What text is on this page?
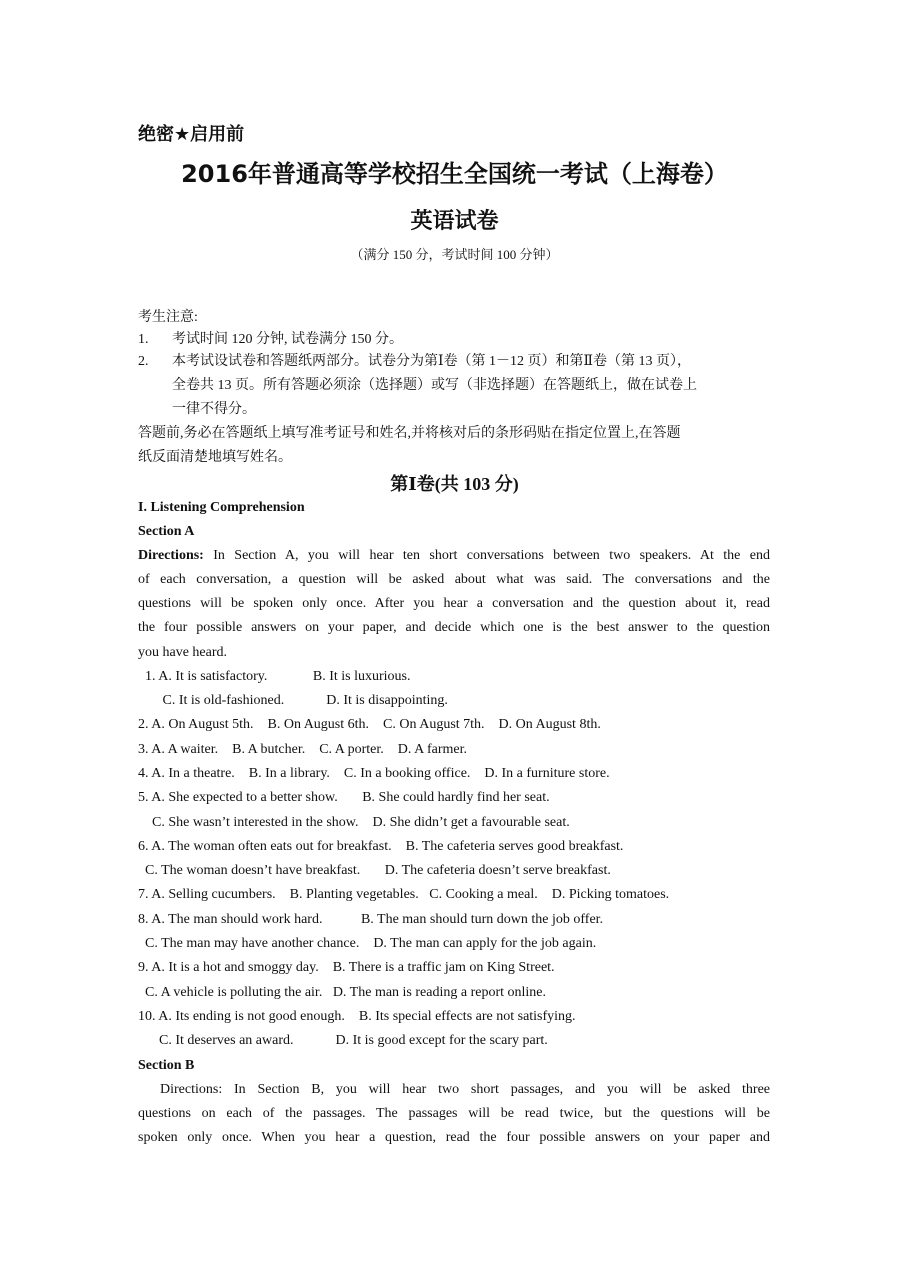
绝密★启用前
2016年普通高等学校招生全国统一考试（上海卷）
英语试卷
（满分 150 分，考试时间 100 分钟）
考生注意:
1. 考试时间 120 分钟, 试卷满分 150 分。
2. 本考试设试卷和答题纸两部分。试卷分为第Ⅰ卷（第 1－12 页）和第Ⅱ卷（第 13 页），
全卷共 13 页。所有答题必须涂（选择题）或写（非选择题）在答题纸上，做在试卷上
一律不得分。
答题前,务必在答题纸上填写准考证号和姓名,并将核对后的条形码贴在指定位置上,在答题
纸反面清楚地填写姓名。
第Ⅰ卷(共 103 分)
I. Listening Comprehension
Section A
Directions: In Section A, you will hear ten short conversations between two speakers. At the end
of each conversation, a question will be asked about what was said. The conversations and the
questions will be spoken only once. After you hear a conversation and the question about it, read
the four possible answers on your paper, and decide which one is the best answer to the question
you have heard.
1. A. It is satisfactory.             B. It is luxurious.
C. It is old-fashioned.            D. It is disappointing.
2. A. On August 5th.    B. On August 6th.    C. On August 7th.    D. On August 8th.
3. A. A waiter.    B. A butcher.    C. A porter.    D. A farmer.
4. A. In a theatre.    B. In a library.    C. In a booking office.    D. In a furniture store.
5. A. She expected to a better show.       B. She could hardly find her seat.
C. She wasn’t interested in the show.    D. She didn’t get a favourable seat.
6. A. The woman often eats out for breakfast.    B. The cafeteria serves good breakfast.
C. The woman doesn’t have breakfast.       D. The cafeteria doesn’t serve breakfast.
7. A. Selling cucumbers.    B. Planting vegetables.   C. Cooking a meal.    D. Picking tomatoes.
8. A. The man should work hard.           B. The man should turn down the job offer.
C. The man may have another chance.    D. The man can apply for the job again.
9. A. It is a hot and smoggy day.    B. There is a traffic jam on King Street.
C. A vehicle is polluting the air.   D. The man is reading a report online.
10. A. Its ending is not good enough.    B. Its special effects are not satisfying.
C. It deserves an award.            D. It is good except for the scary part.
Section B
Directions: In Section B, you will hear two short passages, and you will be asked three
questions on each of the passages. The passages will be read twice, but the questions will be
spoken only once. When you hear a question, read the four possible answers on your paper and
